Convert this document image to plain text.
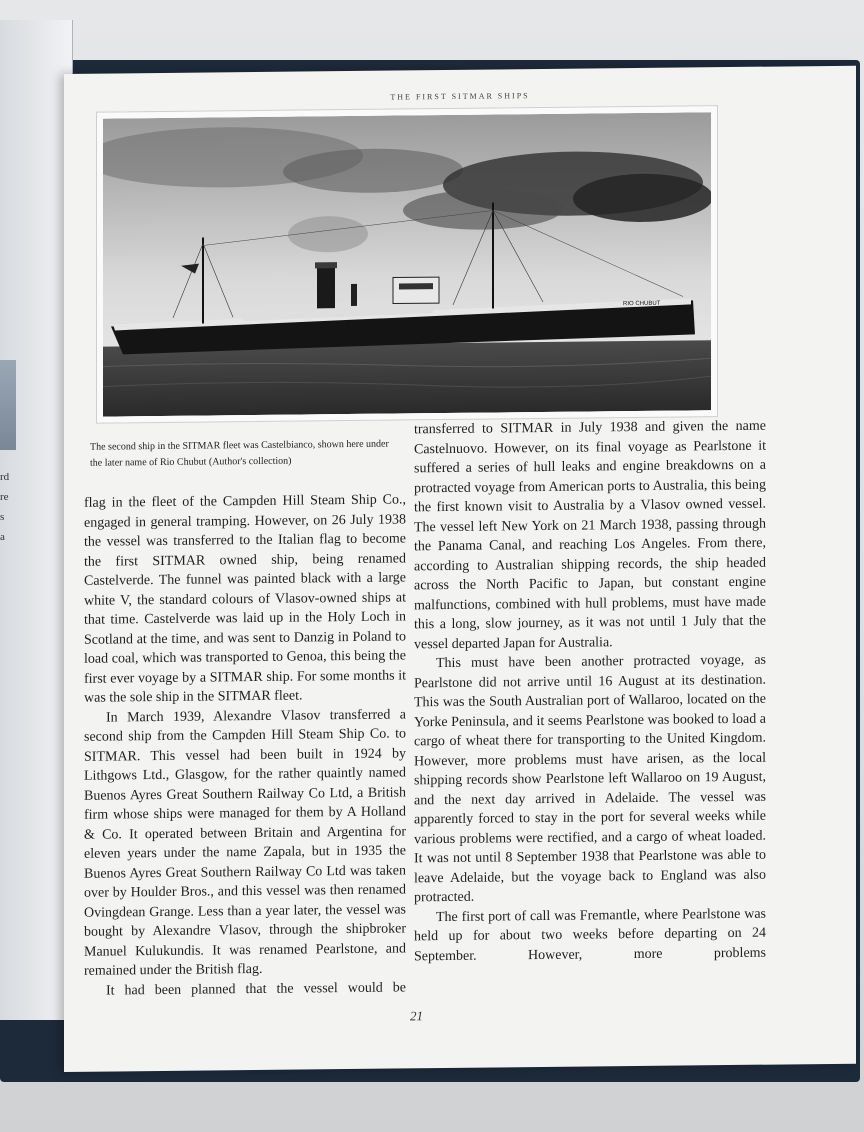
rd
re
s
a
THE FIRST SITMAR SHIPS
RIO CHUBUT
The second ship in the SITMAR fleet was Castelbianco, shown here under the later name of Rio Chubut (Author's collection)

flag in the fleet of the Campden Hill Steam Ship Co., engaged in general tramping. However, on 26 July 1938 the vessel was transferred to the Italian flag to become the first SITMAR owned ship, being renamed Castelverde. The funnel was painted black with a large white V, the standard colours of Vlasov-owned ships at that time. Castelverde was laid up in the Holy Loch in Scotland at the time, and was sent to Danzig in Poland to load coal, which was transported to Genoa, this being the first ever voyage by a SITMAR ship. For some months it was the sole ship in the SITMAR fleet.

In March 1939, Alexandre Vlasov transferred a second ship from the Campden Hill Steam Ship Co. to SITMAR. This vessel had been built in 1924 by Lithgows Ltd., Glasgow, for the rather quaintly named Buenos Ayres Great Southern Railway Co Ltd, a British firm whose ships were managed for them by A Holland & Co. It operated between Britain and Argentina for eleven years under the name Zapala, but in 1935 the Buenos Ayres Great Southern Railway Co Ltd was taken over by Houlder Bros., and this vessel was then renamed Ovingdean Grange. Less than a year later, the vessel was bought by Alexandre Vlasov, through the shipbroker Manuel Kulukundis. It was renamed Pearlstone, and remained under the British flag.

It had been planned that the vessel would be

transferred to SITMAR in July 1938 and given the name Castelnuovo. However, on its final voyage as Pearlstone it suffered a series of hull leaks and engine breakdowns on a protracted voyage from American ports to Australia, this being the first known visit to Australia by a Vlasov owned vessel. The vessel left New York on 21 March 1938, passing through the Panama Canal, and reaching Los Angeles. From there, according to Australian shipping records, the ship headed across the North Pacific to Japan, but constant engine malfunctions, combined with hull problems, must have made this a long, slow journey, as it was not until 1 July that the vessel departed Japan for Australia.

This must have been another protracted voyage, as Pearlstone did not arrive until 16 August at its destination. This was the South Australian port of Wallaroo, located on the Yorke Peninsula, and it seems Pearlstone was booked to load a cargo of wheat there for transporting to the United Kingdom. However, more problems must have arisen, as the local shipping records show Pearlstone left Wallaroo on 19 August, and the next day arrived in Adelaide. The vessel was apparently forced to stay in the port for several weeks while various problems were rectified, and a cargo of wheat loaded. It was not until 8 September 1938 that Pearlstone was able to leave Adelaide, but the voyage back to England was also protracted.

The first port of call was Fremantle, where Pearlstone was held up for about two weeks before departing on 24 September. However, more problems

21
